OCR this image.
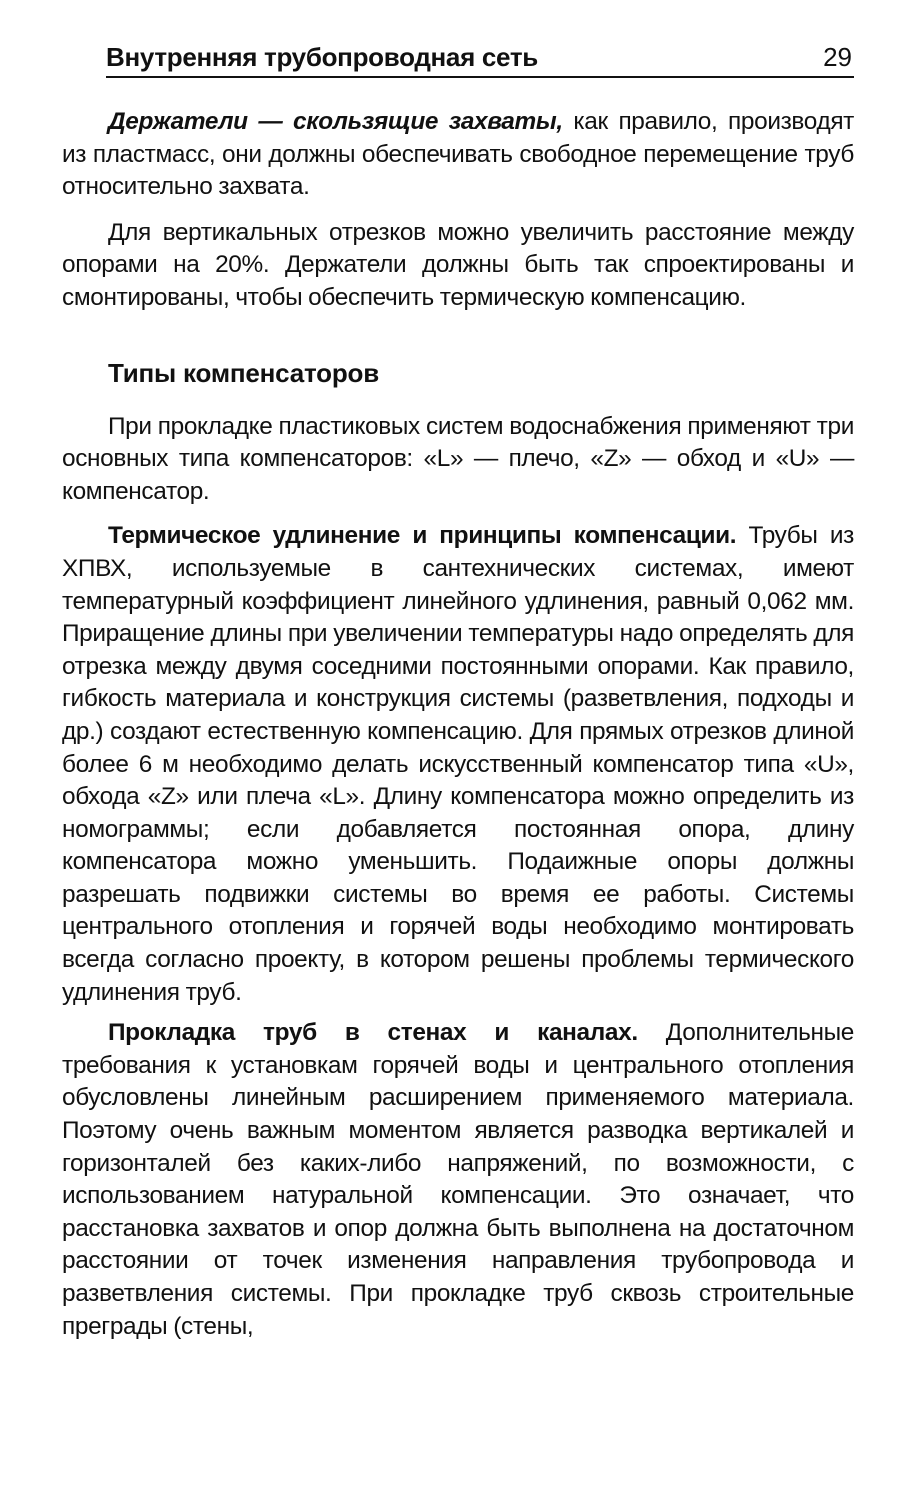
Внутренняя трубопроводная сеть	29

Держатели — скользящие захваты, как правило, производят из пластмасс, они должны обеспечивать свободное перемещение труб относительно захвата.

Для вертикальных отрезков можно увеличить расстояние между опорами на 20%. Держатели должны быть так спроектированы и смонтированы, чтобы обеспечить термическую компенсацию.

Типы компенсаторов

При прокладке пластиковых систем водоснабжения применяют три основных типа компенсаторов: «L» — плечо, «Z» — обход и «U» — компенсатор.

Термическое удлинение и принципы компенсации. Трубы из ХПВХ, используемые в сантехнических системах, имеют температурный коэффициент линейного удлинения, равный 0,062 мм. Приращение длины при увеличении температуры надо определять для отрезка между двумя соседними постоянными опорами. Как правило, гибкость материала и конструкция системы (разветвления, подходы и др.) создают естественную компенсацию. Для прямых отрезков длиной более 6 м необходимо делать искусственный компенсатор типа «U», обхода «Z» или плеча «L». Длину компенсатора можно определить из номограммы; если добавляется постоянная опора, длину компенсатора можно уменьшить. Подаижные опоры должны разрешать подвижки системы во время ее работы. Системы центрального отопления и горячей воды необходимо монтировать всегда согласно проекту, в котором решены проблемы термического удлинения труб.

Прокладка труб в стенах и каналах. Дополнительные требования к установкам горячей воды и центрального отопления обусловлены линейным расширением применяемого материала. Поэтому очень важным моментом является разводка вертикалей и горизонталей без каких-либо напряжений, по возможности, с использованием натуральной компенсации. Это означает, что расстановка захватов и опор должна быть выполнена на достаточном расстоянии от точек изменения направления трубопровода и разветвления системы. При прокладке труб сквозь строительные преграды (стены,
